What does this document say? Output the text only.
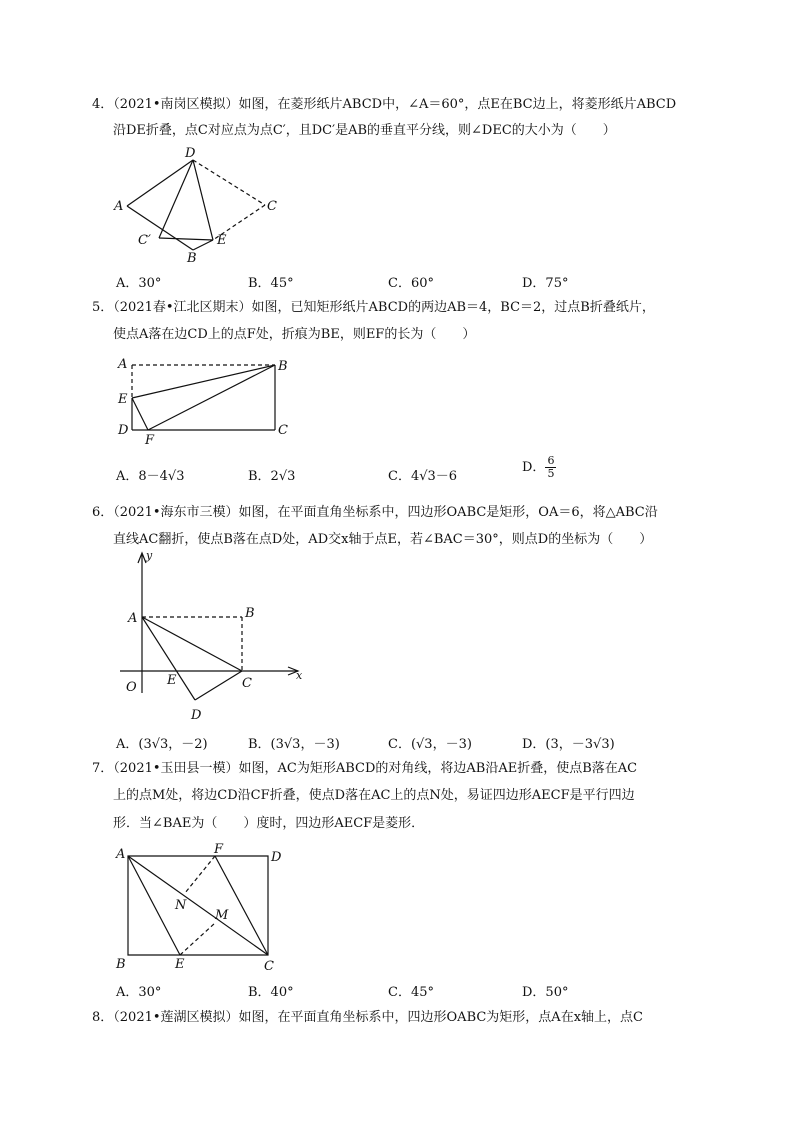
4．（2021•南岗区模拟）如图，在菱形纸片ABCD中，∠A＝60°，点E在BC边上，将菱形纸片ABCD
沿DE折叠，点C对应点为点C′，且DC′是AB的垂直平分线，则∠DEC的大小为（　　）
D
A	C
C′	E
B
A．30°	B．45°	C．60°	D．75°
5．（2021春•江北区期末）如图，已知矩形纸片ABCD的两边AB＝4，BC＝2，过点B折叠纸片，
使点A落在边CD上的点F处，折痕为BE，则EF的长为（　　）
A	B
E
D	C
F
A．8－4√3	B．2√3	C．4√3－6
D． $\frac{6}{5}$
6．（2021•海东市三模）如图，在平面直角坐标系中，四边形OABC是矩形，OA＝6，将△ABC沿
直线AC翻折，使点B落在点D处，AD交x轴于点E，若∠BAC＝30°，则点D的坐标为（　　）
y
x
O
A	B
C
E
D
A．(3√3，－2)	B．(3√3，－3)	C．(√3，－3)	D．(3，－3√3)
7．（2021•玉田县一模）如图，AC为矩形ABCD的对角线，将边AB沿AE折叠，使点B落在AC
上的点M处，将边CD沿CF折叠，使点D落在AC上的点N处，易证四边形AECF是平行四边
形．当∠BAE为（　　）度时，四边形AECF是菱形．
A	F
D
B	E	C
N
M
A．30°	B．40°	C．45°	D．50°
8．（2021•莲湖区模拟）如图，在平面直角坐标系中，四边形OABC为矩形，点A在x轴上，点C
